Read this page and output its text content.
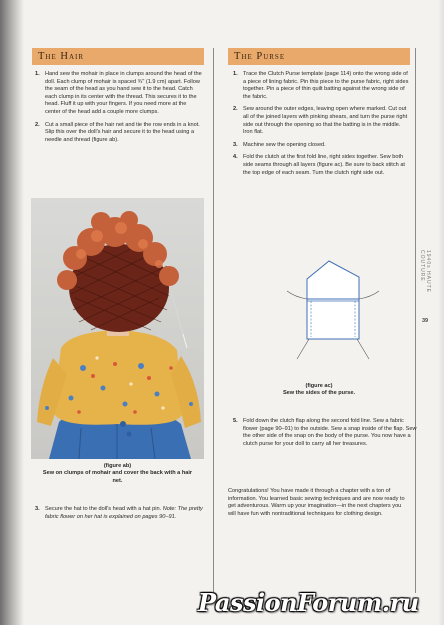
The Hair
1. Hand sew the mohair in place in clumps around the head of the doll. Each clump of mohair is spaced ¾" (1.9 cm) apart. Follow the seam of the head as you hand sew it to the head. Catch each clump in its center with the thread. This secures it to the head. Fluff it up with your fingers. If you need more at the center of the head add a couple more clumps.
2. Cut a small piece of the hair net and tie the row ends in a knot. Slip this over the doll's hair and secure it to the head using a needle and thread (figure ab).
(figure ab)
Sew on clumps of mohair and cover the back with a hair net.
3. Secure the hat to the doll's head with a hat pin. Note: The pretty fabric flower on her hat is explained on pages 90–91.
The Purse
1. Trace the Clutch Purse template (page 114) onto the wrong side of a piece of lining fabric. Pin this piece to the purse fabric, right sides together. Pin a piece of thin quilt batting against the wrong side of the fabric.
2. Sew around the outer edges, leaving open where marked. Cut out all of the joined layers with pinking shears, and turn the purse right side out through the opening so that the batting is in the middle. Iron flat.
3. Machine sew the opening closed.
4. Fold the clutch at the first fold line, right sides together. Sew both side seams through all layers (figure ac). Be sure to back stitch at the top edge of each seam. Turn the clutch right side out.
(figure ac)
Sew the sides of the purse.
5. Fold down the clutch flap along the second fold line. Sew a fabric flower (page 90–91) to the outside. Sew a snap inside of the flap. Sew the other side of the snap on the body of the purse. You now have a clutch purse for your doll to carry all her treasures.
Congratulations! You have made it through a chapter with a ton of information. You learned basic sewing techniques and are now ready to get adventurous. Warm up your imagination—in the next chapters you will have fun with nontraditional techniques for clothing design.
1940s HAUTE COUTURE
39
PassionForum.ru
